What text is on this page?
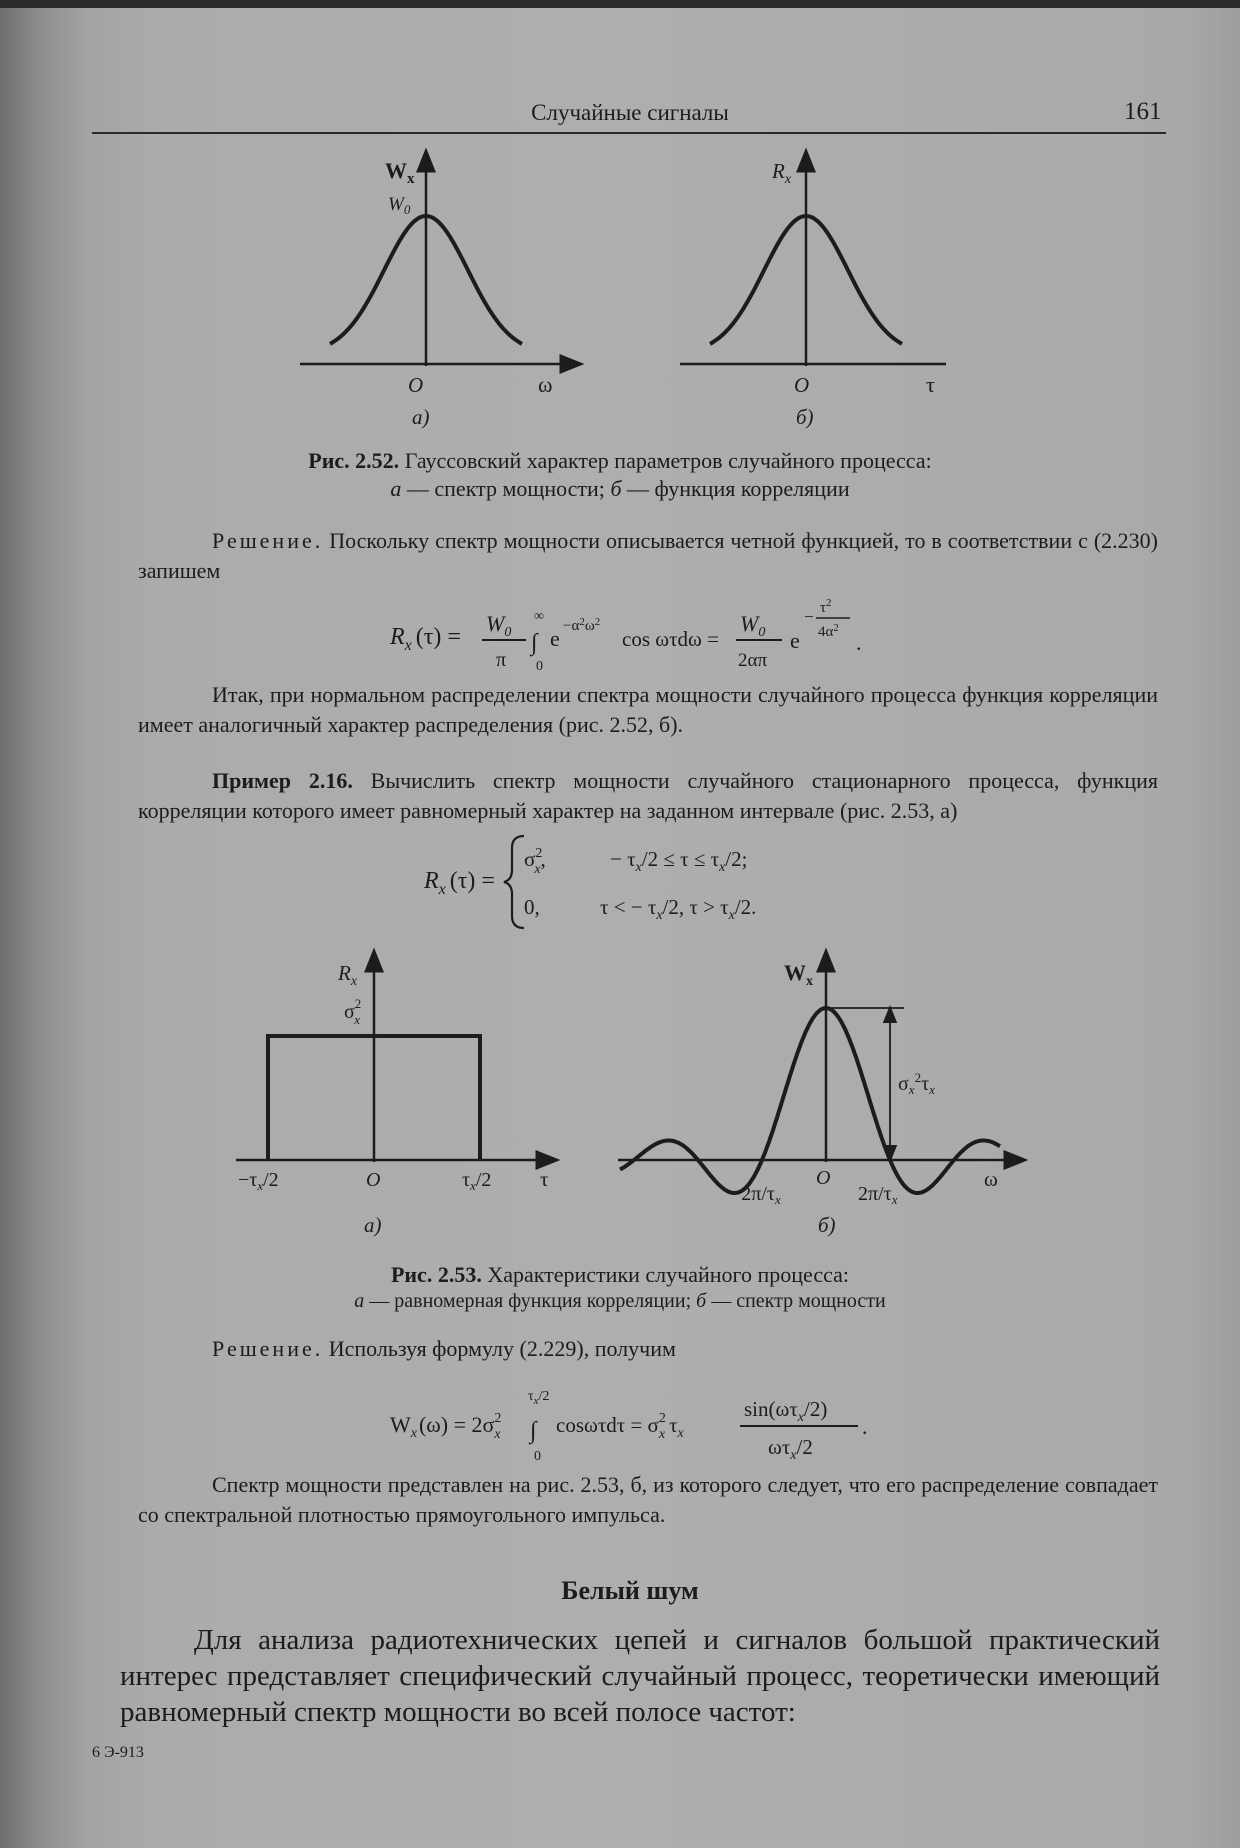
Случайные сигналы	161
$W_x$
$W_0$
O	ω
а)
$R_x$
O	τ
б)
Рис. 2.52. Гауссовский характер параметров случайного процесса:
а — спектр мощности; б — функция корреляции
Решение. Поскольку спектр мощности описывается четной функцией, то в соответствии с (2.230) запишем
$R_x$ (τ) =
$W_0$
π
∞
∫
0
$e -\alpha^2\omega^2$
cos ωτdω =
$W_0$
2απ
e
− $\tau^2$
$4\alpha^2$
.
Итак, при нормальном распределении спектра мощности случайного процесса функция корреляции имеет аналогичный характер распределения (рис. 2.52, б).
Пример 2.16. Вычислить спектр мощности случайного стационарного процесса, функция корреляции которого имеет равномерный характер на заданном интервале (рис. 2.53, а)
$R_x$ (τ) =
$\sigma^2$ x,	− $\tau_x/2 \le \tau \le \tau_x/2$;
0,	τ < − $\tau_x/2$, $\tau > \tau_x/2$.
$R_x$
$\sigma^2$ x
$-\tau_x/2$	O	$\tau_x/2$ τ
а)
$W_x$
$\sigma_x^2\tau_x$
O
$-2\pi/\tau_x$	$2\pi/\tau_x$
ω
б)
Рис. 2.53. Характеристики случайного процесса:
а — равномерная функция корреляции; б — спектр мощности
Решение. Используя формулу (2.229), получим
$W_x(\omega) = 2\sigma^2$ x
$\tau_x/2$
∫
0
$\cos\omega\tau d\tau = \sigma^2$ x $\tau_x$
$\sin(\omega\tau_x/2)$
$\omega\tau_x/2$
.
Спектр мощности представлен на рис. 2.53, б, из которого следует, что его распределение совпадает со спектральной плотностью прямоугольного импульса.
Белый шум
Для анализа радиотехнических цепей и сигналов большой практический интерес представляет специфический случайный процесс, теоретически имеющий равномерный спектр мощности во всей полосе частот:
6 Э-913
